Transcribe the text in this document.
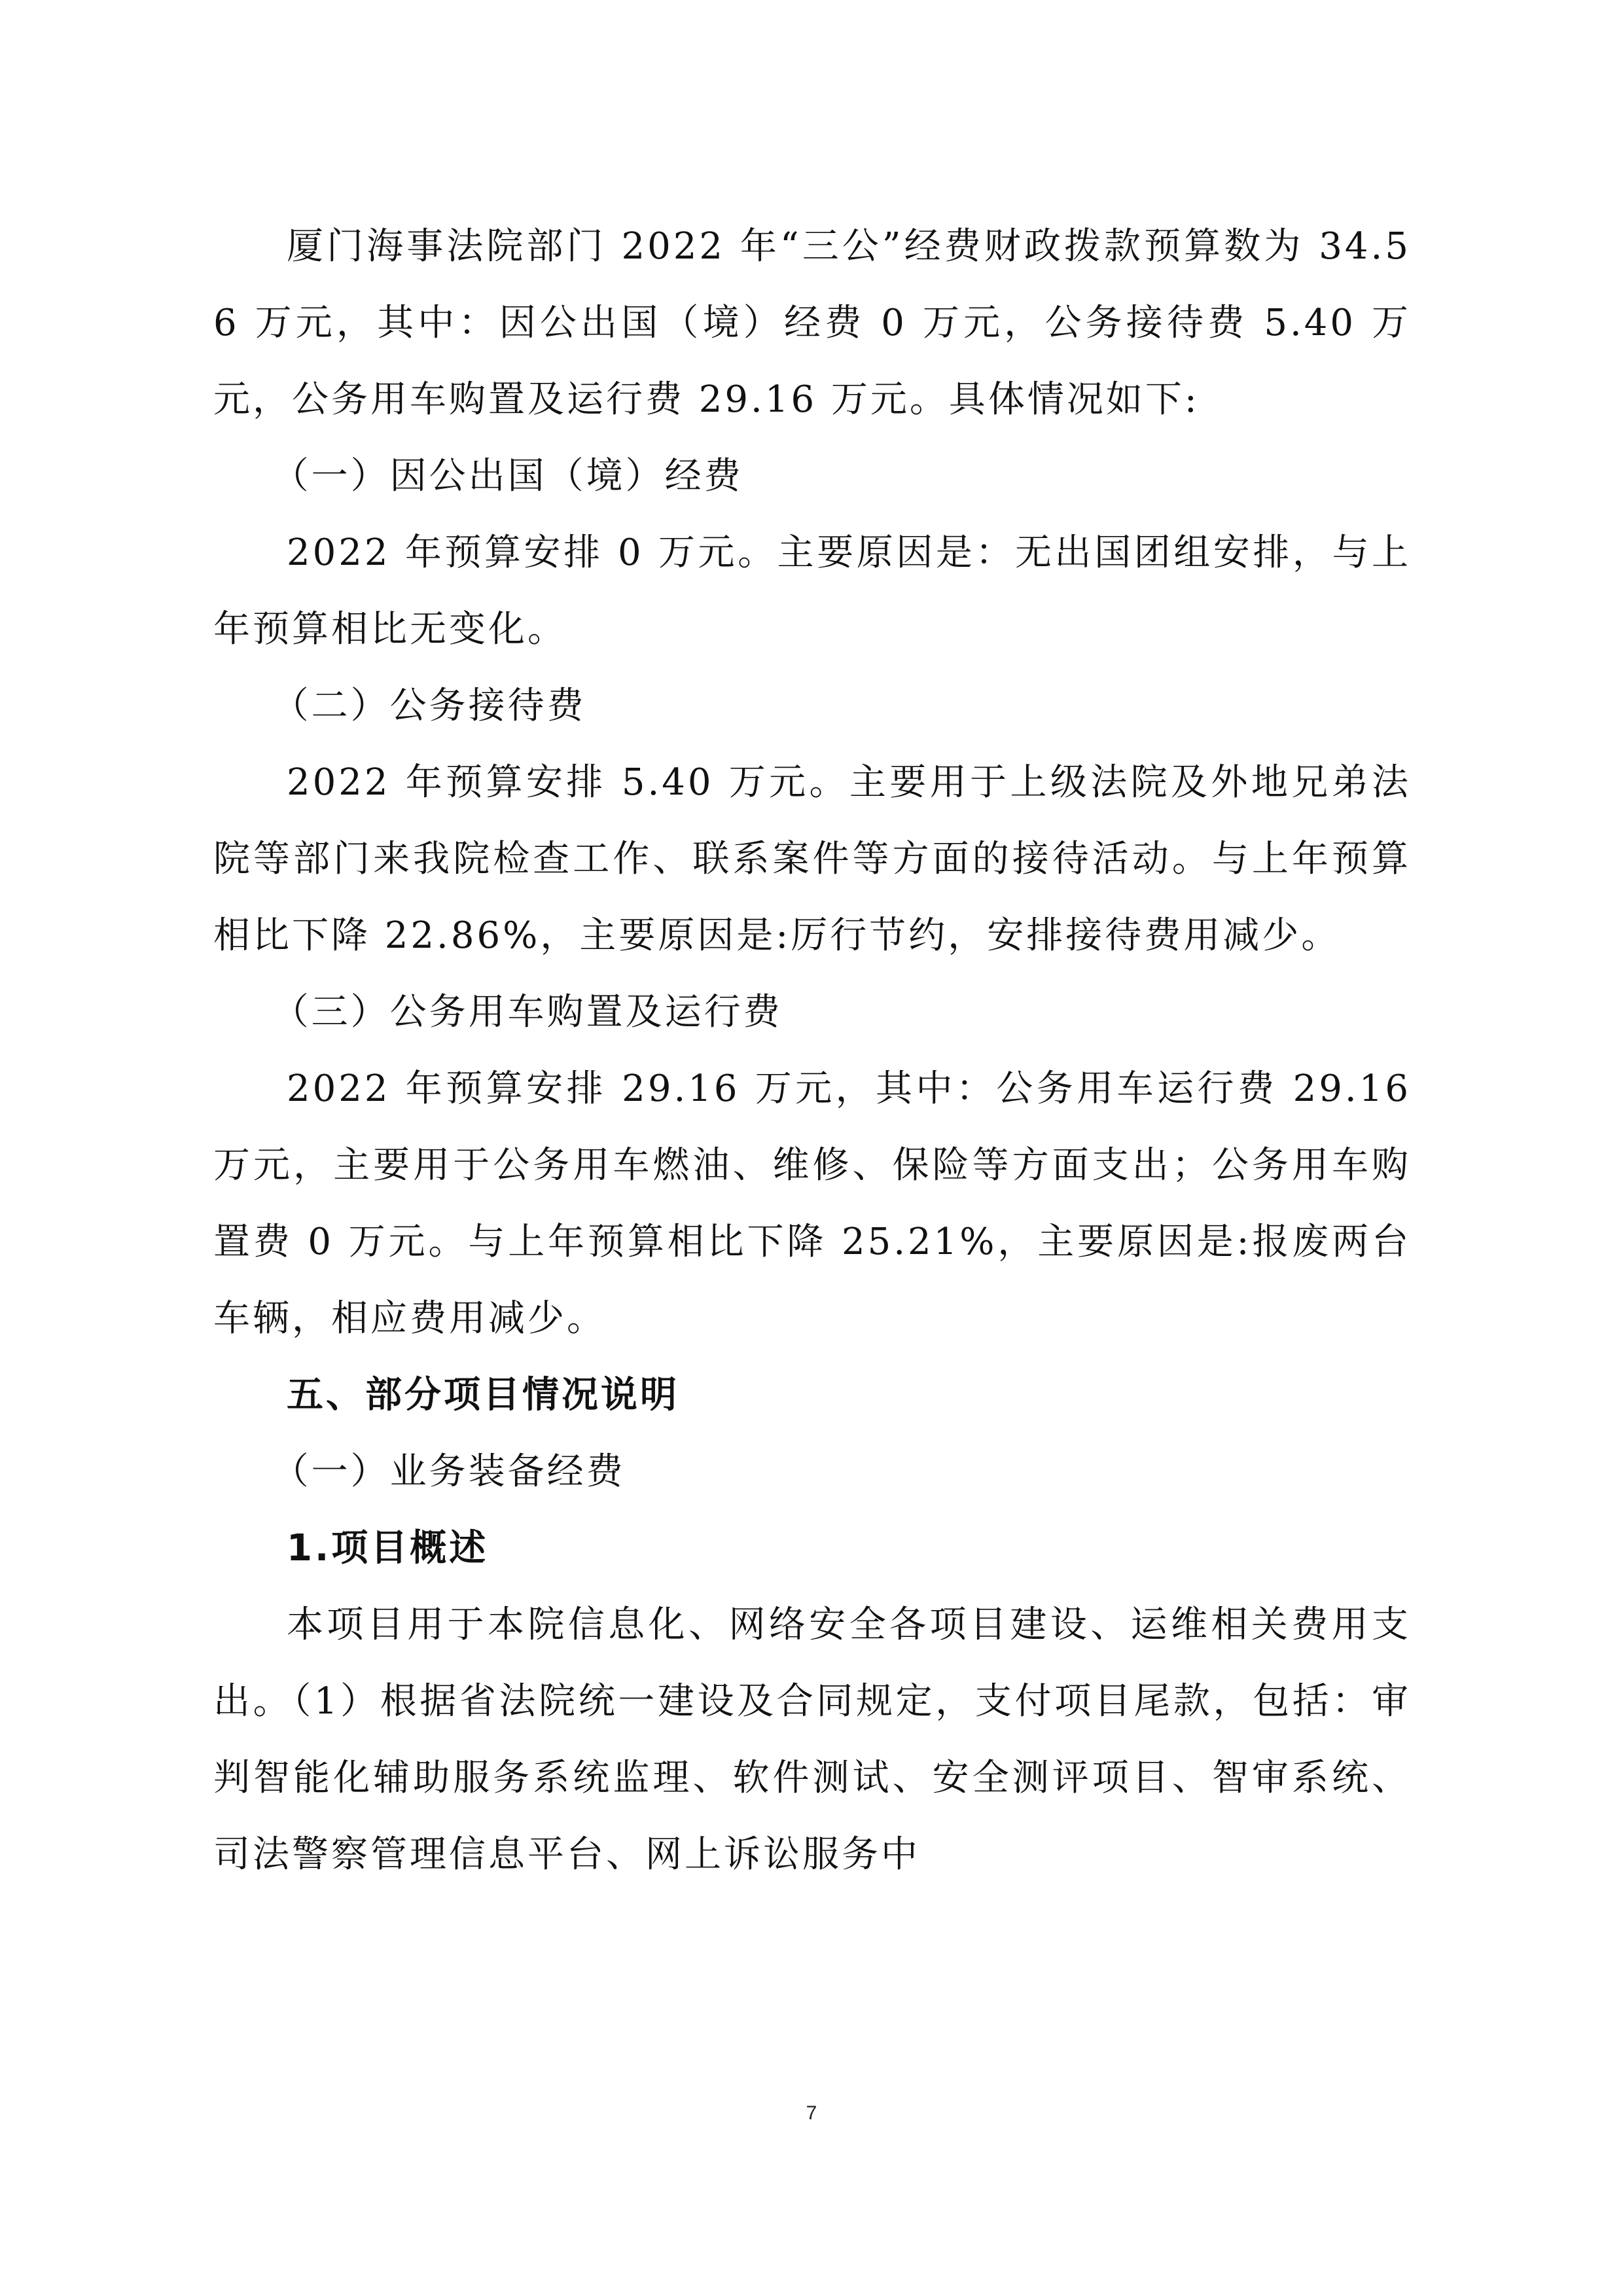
厦门海事法院部门 2022 年“三公”经费财政拨款预算数为 34.56 万元，其中：因公出国（境）经费 0 万元，公务接待费 5.40 万元，公务用车购置及运行费 29.16 万元。具体情况如下:

（一）因公出国（境）经费

2022 年预算安排 0 万元。主要原因是：无出国团组安排，与上年预算相比无变化。

（二）公务接待费

2022 年预算安排 5.40 万元。主要用于上级法院及外地兄弟法院等部门来我院检查工作、联系案件等方面的接待活动。与上年预算相比下降 22.86%，主要原因是:厉行节约，安排接待费用减少。

（三）公务用车购置及运行费

2022 年预算安排 29.16 万元，其中：公务用车运行费 29.16 万元，主要用于公务用车燃油、维修、保险等方面支出；公务用车购置费 0 万元。与上年预算相比下降 25.21%，主要原因是:报废两台车辆，相应费用减少。

五、部分项目情况说明

（一）业务装备经费

1.项目概述

本项目用于本院信息化、网络安全各项目建设、运维相关费用支出。（1）根据省法院统一建设及合同规定，支付项目尾款，包括：审判智能化辅助服务系统监理、软件测试、安全测评项目、智审系统、司法警察管理信息平台、网上诉讼服务中

7
